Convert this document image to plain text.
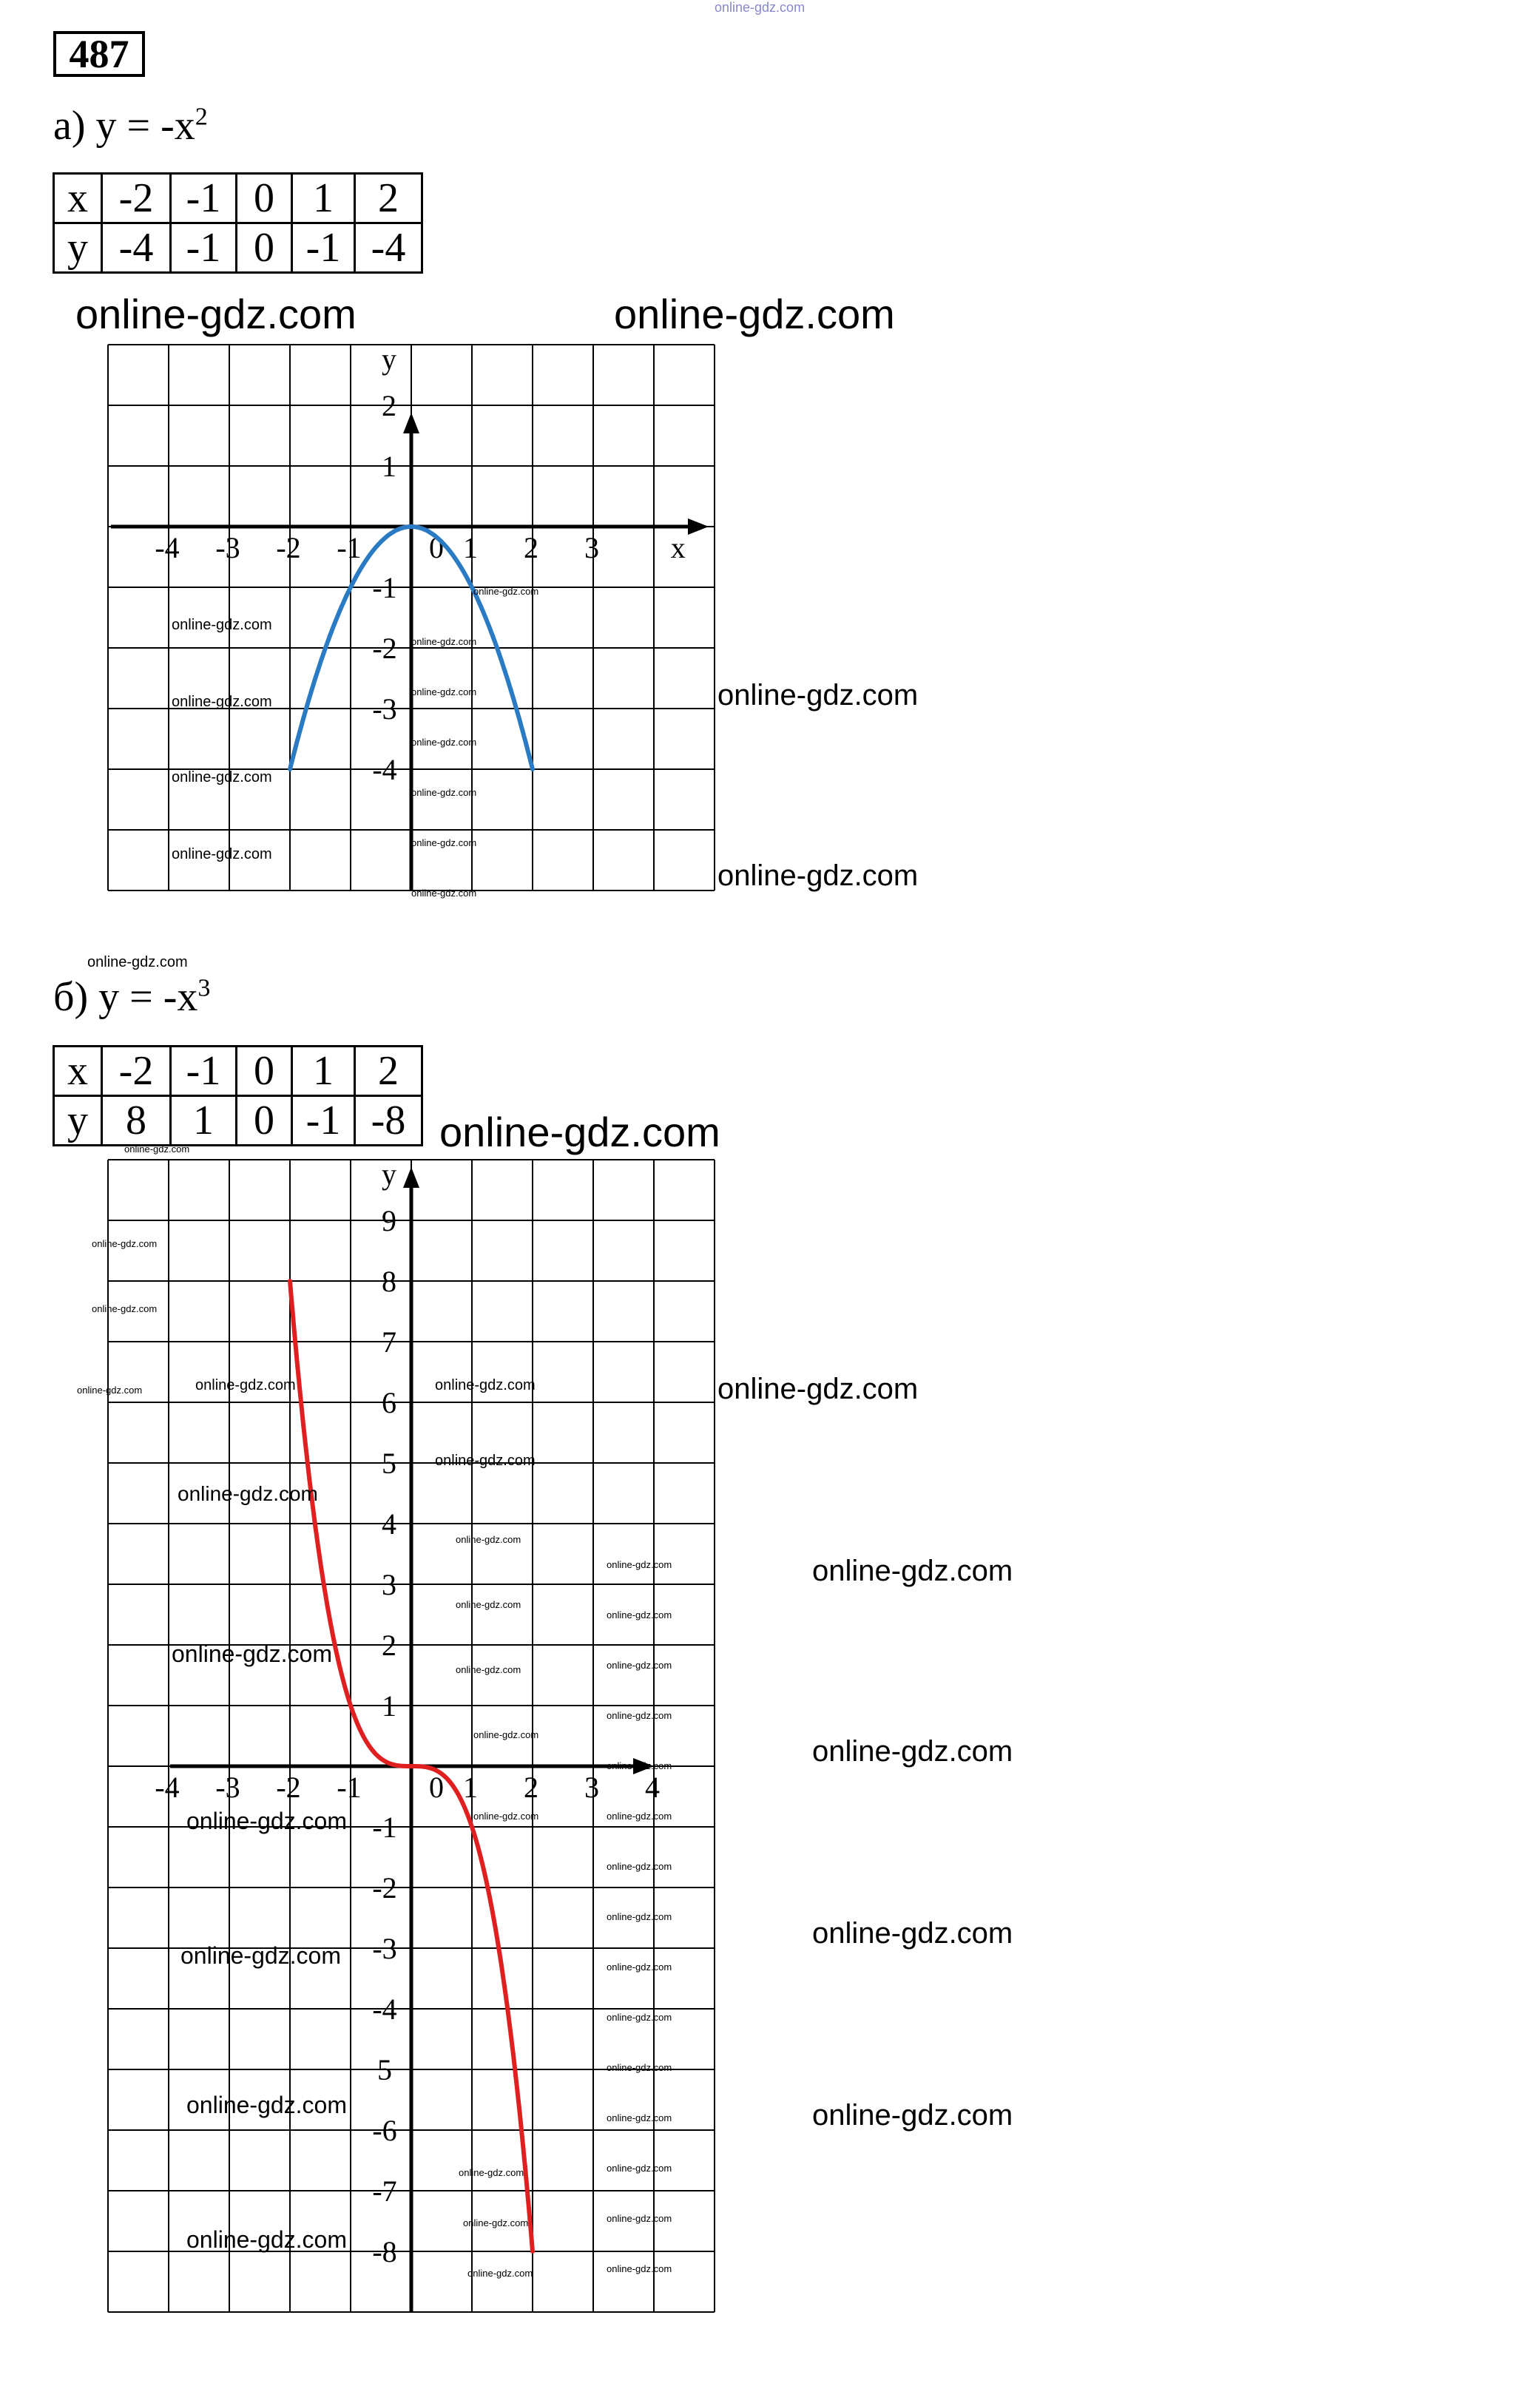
online-gdz.com
487
а) $y = -x^2$
x	-2	-1	0	1	2
y	-4	-1	0	-1	-4
-4 -3 -2 -1 0 1 2 3 x
y
2
1
-1
-2
-3
-4
б) $y = -x^3$
x	-2	-1	0	1	2
y	8	1	0	-1	-8
-4 -3 -2 -1 0 1 2 3 4
y
9
8
7
6
5
4
3
2
1
-1
-2
-3
-4
5
-6
-7
-8
online-gdz.com	online-gdz.com
online-gdz.com
online-gdz.com
online-gdz.com
online-gdz.com
online-gdz.com
online-gdz.com
online-gdz.com
online-gdz.com
online-gdz.com
online-gdz.com
online-gdz.com
online-gdz.com
online-gdz.com
online-gdz.com
online-gdz.com
online-gdz.com
online-gdz.com
online-gdz.com
online-gdz.com
online-gdz.com
online-gdz.com
online-gdz.com
online-gdz.com
online-gdz.com	online-gdz.com	online-gdz.com
online-gdz.com
online-gdz.com
online-gdz.com
online-gdz.com
online-gdz.com
online-gdz.com
online-gdz.com
online-gdz.com
online-gdz.com
online-gdz.com
online-gdz.com
online-gdz.com
online-gdz.com
online-gdz.com
online-gdz.com
online-gdz.com
online-gdz.com
online-gdz.com
online-gdz.com
online-gdz.com
online-gdz.com
online-gdz.com
online-gdz.com
online-gdz.com
online-gdz.com
online-gdz.com
online-gdz.com
online-gdz.com
online-gdz.com
online-gdz.com
